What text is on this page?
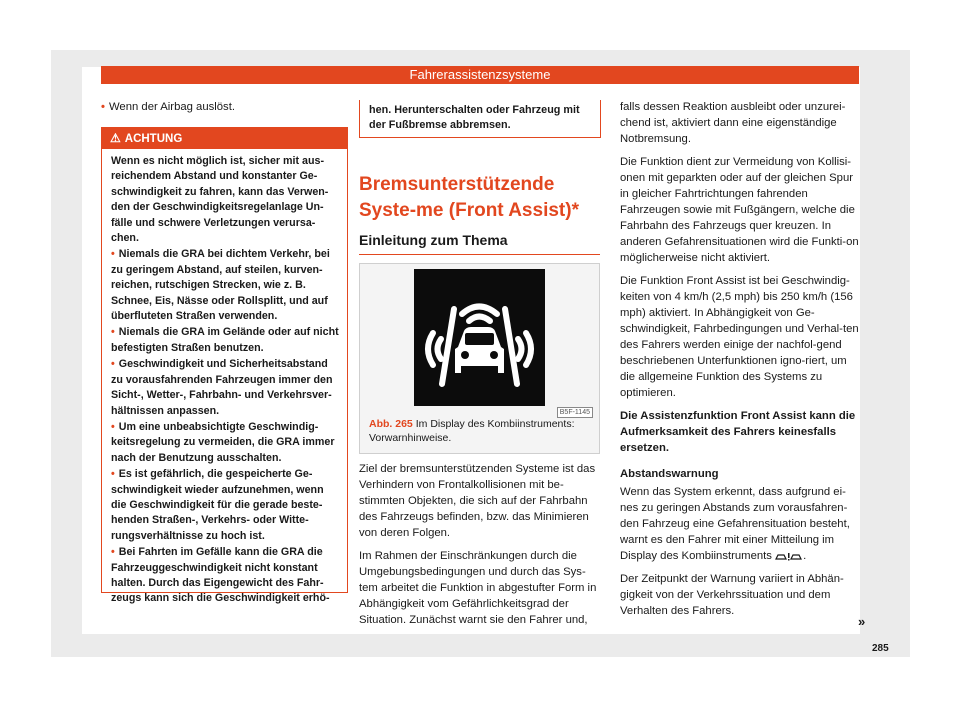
Fahrerassistenzsysteme

• Wenn der Airbag auslöst.

⚠ ACHTUNG

Wenn es nicht möglich ist, sicher mit aus-reichendem Abstand und konstanter Ge-schwindigkeit zu fahren, kann das Verwen-den der Geschwindigkeitsregelanlage Un-fälle und schwere Verletzungen verursa-chen.

• Niemals die GRA bei dichtem Verkehr, bei zu geringem Abstand, auf steilen, kurven-reichen, rutschigen Strecken, wie z. B. Schnee, Eis, Nässe oder Rollsplitt, und auf überfluteten Straßen verwenden.

• Niemals die GRA im Gelände oder auf nicht befestigten Straßen benutzen.

• Geschwindigkeit und Sicherheitsabstand zu vorausfahrenden Fahrzeugen immer den Sicht-, Wetter-, Fahrbahn- und Verkehrsver-hältnissen anpassen.

• Um eine unbeabsichtigte Geschwindig-keitsregelung zu vermeiden, die GRA immer nach der Benutzung ausschalten.

• Es ist gefährlich, die gespeicherte Ge-schwindigkeit wieder aufzunehmen, wenn die Geschwindigkeit für die gerade beste-henden Straßen-, Verkehrs- oder Witte-rungsverhältnisse zu hoch ist.

• Bei Fahrten im Gefälle kann die GRA die Fahrzeuggeschwindigkeit nicht konstant halten. Durch das Eigengewicht des Fahr-zeugs kann sich die Geschwindigkeit erhö-

hen. Herunterschalten oder Fahrzeug mit der Fußbremse abbremsen.
Bremsunterstützende Syste-me (Front Assist)*
Einleitung zum Thema
B5F-1145
Abb. 265 Im Display des Kombiinstruments: Vorwarnhinweise.

Ziel der bremsunterstützenden Systeme ist das Verhindern von Frontalkollisionen mit be-stimmten Objekten, die sich auf der Fahrbahn des Fahrzeugs befinden, bzw. das Minimieren von deren Folgen.

Im Rahmen der Einschränkungen durch die Umgebungsbedingungen und durch das Sys-tem arbeitet die Funktion in abgestufter Form in Abhängigkeit vom Gefährlichkeitsgrad der Situation. Zunächst warnt sie den Fahrer und,

falls dessen Reaktion ausbleibt oder unzurei-chend ist, aktiviert dann eine eigenständige Notbremsung.

Die Funktion dient zur Vermeidung von Kollisi-onen mit geparkten oder auf der gleichen Spur in gleicher Fahrtrichtungen fahrenden Fahrzeugen sowie mit Fußgängern, welche die Fahrbahn des Fahrzeugs quer kreuzen. In anderen Gefahrensituationen wird die Funkti-on möglicherweise nicht aktiviert.

Die Funktion Front Assist ist bei Geschwindig-keiten von 4 km/h (2,5 mph) bis 250 km/h (156 mph) aktiviert. In Abhängigkeit von Ge-schwindigkeit, Fahrbedingungen und Verhal-ten des Fahrers werden einige der nachfol-gend beschriebenen Unterfunktionen igno-riert, um die allgemeine Funktion des Systems zu optimieren.

Die Assistenzfunktion Front Assist kann die Aufmerksamkeit des Fahrers keinesfalls ersetzen.

Abstandswarnung

Wenn das System erkennt, dass aufgrund ei-nes zu geringen Abstands zum vorausfahren-den Fahrzeug eine Gefahrensituation besteht, warnt es den Fahrer mit einer Mitteilung im Display des Kombiinstruments	.

Der Zeitpunkt der Warnung variiert in Abhän-gigkeit von der Verkehrssituation und dem Verhalten des Fahrers.

»
285
